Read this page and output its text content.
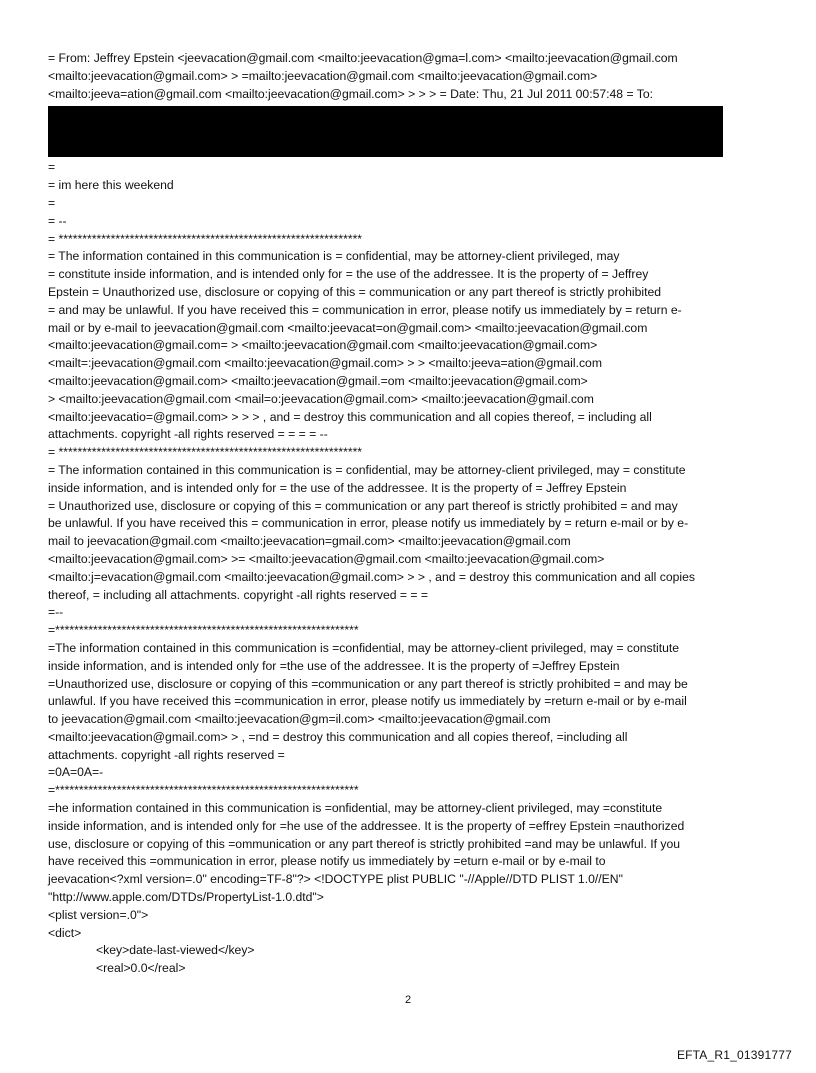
= From: Jeffrey Epstein <jeevacation@gmail.com <mailto:jeevacation@gma=l.com> <mailto:jeevacation@gmail.com
<mailto:jeevacation@gmail.com> > =mailto:jeevacation@gmail.com <mailto:jeevacation@gmail.com>
<mailto:jeeva=ation@gmail.com <mailto:jeevacation@gmail.com> > > > = Date: Thu, 21 Jul 2011 00:57:48 = To:
=
= im here this weekend
=
= --
= ****************************************************************
= The information contained in this communication is = confidential, may be attorney-client privileged, may
= constitute inside information, and is intended only for = the use of the addressee. It is the property of = Jeffrey
Epstein = Unauthorized use, disclosure or copying of this = communication or any part thereof is strictly prohibited
= and may be unlawful. If you have received this = communication in error, please notify us immediately by = return e-
mail or by e-mail to jeevacation@gmail.com <mailto:jeevacat=on@gmail.com> <mailto:jeevacation@gmail.com
<mailto:jeevacation@gmail.com= > <mailto:jeevacation@gmail.com <mailto:jeevacation@gmail.com>
<mailt=:jeevacation@gmail.com <mailto:jeevacation@gmail.com> > > <mailto:jeeva=ation@gmail.com
<mailto:jeevacation@gmail.com> <mailto:jeevacation@gmail.=om <mailto:jeevacation@gmail.com>
> <mailto:jeevacation@gmail.com <mail=o:jeevacation@gmail.com> <mailto:jeevacation@gmail.com
<mailto:jeevacatio=@gmail.com> > > > , and = destroy this communication and all copies thereof, = including all
attachments. copyright -all rights reserved = = = = --
= ****************************************************************
= The information contained in this communication is = confidential, may be attorney-client privileged, may = constitute
inside information, and is intended only for = the use of the addressee. It is the property of = Jeffrey Epstein
= Unauthorized use, disclosure or copying of this = communication or any part thereof is strictly prohibited = and may
be unlawful. If you have received this = communication in error, please notify us immediately by = return e-mail or by e-
mail to jeevacation@gmail.com <mailto:jeevacation=gmail.com> <mailto:jeevacation@gmail.com
<mailto:jeevacation@gmail.com> >= <mailto:jeevacation@gmail.com <mailto:jeevacation@gmail.com>
<mailto:j=evacation@gmail.com <mailto:jeevacation@gmail.com> > > , and = destroy this communication and all copies
thereof, = including all attachments. copyright -all rights reserved = = =
=--
=****************************************************************
=The information contained in this communication is =confidential, may be attorney-client privileged, may = constitute
inside information, and is intended only for =the use of the addressee. It is the property of =Jeffrey Epstein
=Unauthorized use, disclosure or copying of this =communication or any part thereof is strictly prohibited = and may be
unlawful. If you have received this =communication in error, please notify us immediately by =return e-mail or by e-mail
to jeevacation@gmail.com <mailto:jeevacation@gm=il.com> <mailto:jeevacation@gmail.com
<mailto:jeevacation@gmail.com> > , =nd = destroy this communication and all copies thereof, =including all
attachments. copyright -all rights reserved =
=0A=0A=-
=****************************************************************
=he information contained in this communication is =onfidential, may be attorney-client privileged, may =constitute
inside information, and is intended only for =he use of the addressee. It is the property of =effrey Epstein =nauthorized
use, disclosure or copying of this =ommunication or any part thereof is strictly prohibited =and may be unlawful. If you
have received this =ommunication in error, please notify us immediately by =eturn e-mail or by e-mail to
jeevacation<?xml version=.0" encoding=TF-8"?> <!DOCTYPE plist PUBLIC "-//Apple//DTD PLIST 1.0//EN"
"http://www.apple.com/DTDs/PropertyList-1.0.dtd">
<plist version=.0">
<dict>
<key>date-last-viewed</key>
<real>0.0</real>
2
EFTA_R1_01391777
